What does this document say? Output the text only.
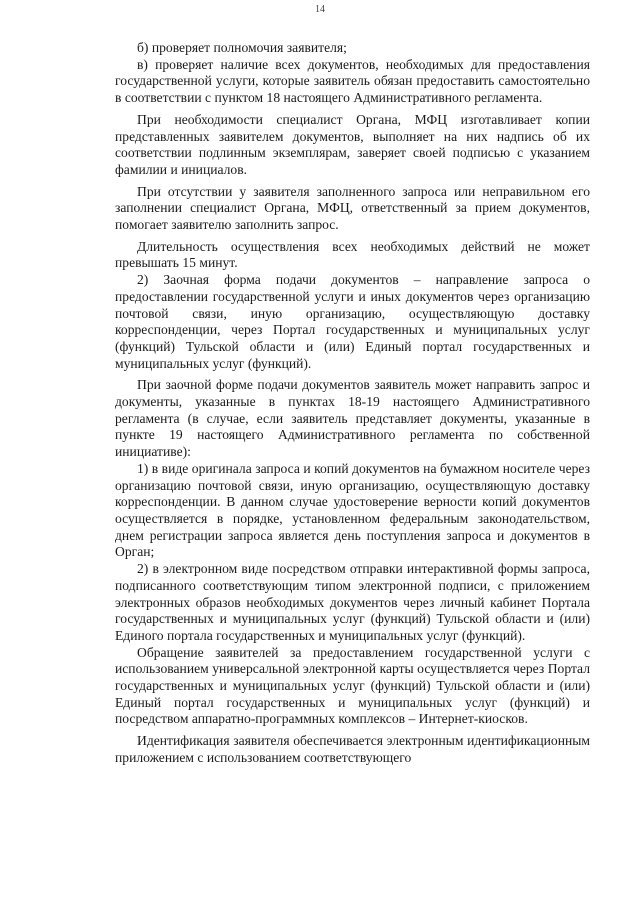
14

б) проверяет полномочия заявителя;

в) проверяет наличие всех документов, необходимых для предоставления государственной услуги, которые заявитель обязан предоставить самостоятельно в соответствии с пунктом 18 настоящего Административного регламента.

При необходимости специалист Органа, МФЦ изготавливает копии представленных заявителем документов, выполняет на них надпись об их соответствии подлинным экземплярам, заверяет своей подписью с указанием фамилии и инициалов.

При отсутствии у заявителя заполненного запроса или неправильном его заполнении специалист Органа, МФЦ, ответственный за прием документов, помогает заявителю заполнить запрос.

Длительность осуществления всех необходимых действий не может превышать 15 минут.

2) Заочная форма подачи документов – направление запроса о предоставлении государственной услуги и иных документов через организацию почтовой связи, иную организацию, осуществляющую доставку корреспонденции, через Портал государственных и муниципальных услуг (функций) Тульской области и (или) Единый портал государственных и муниципальных услуг (функций).

При заочной форме подачи документов заявитель может направить запрос и документы, указанные в пунктах 18-19 настоящего Административного регламента (в случае, если заявитель представляет документы, указанные в пункте 19 настоящего Административного регламента по собственной инициативе):

1) в виде оригинала запроса и копий документов на бумажном носителе через организацию почтовой связи, иную организацию, осуществляющую доставку корреспонденции. В данном случае удостоверение верности копий документов осуществляется в порядке, установленном федеральным законодательством, днем регистрации запроса является день поступления запроса и документов в Орган;

2) в электронном виде посредством отправки интерактивной формы запроса, подписанного соответствующим типом электронной подписи, с приложением электронных образов необходимых документов через личный кабинет Портала государственных и муниципальных услуг (функций) Тульской области и (или) Единого портала государственных и муниципальных услуг (функций).

Обращение заявителей за предоставлением государственной услуги с использованием универсальной электронной карты осуществляется через Портал государственных и муниципальных услуг (функций) Тульской области и (или) Единый портал государственных и муниципальных услуг (функций) и посредством аппаратно-программных комплексов – Интернет-киосков.

Идентификация заявителя обеспечивается электронным идентификационным приложением с использованием соответствующего
